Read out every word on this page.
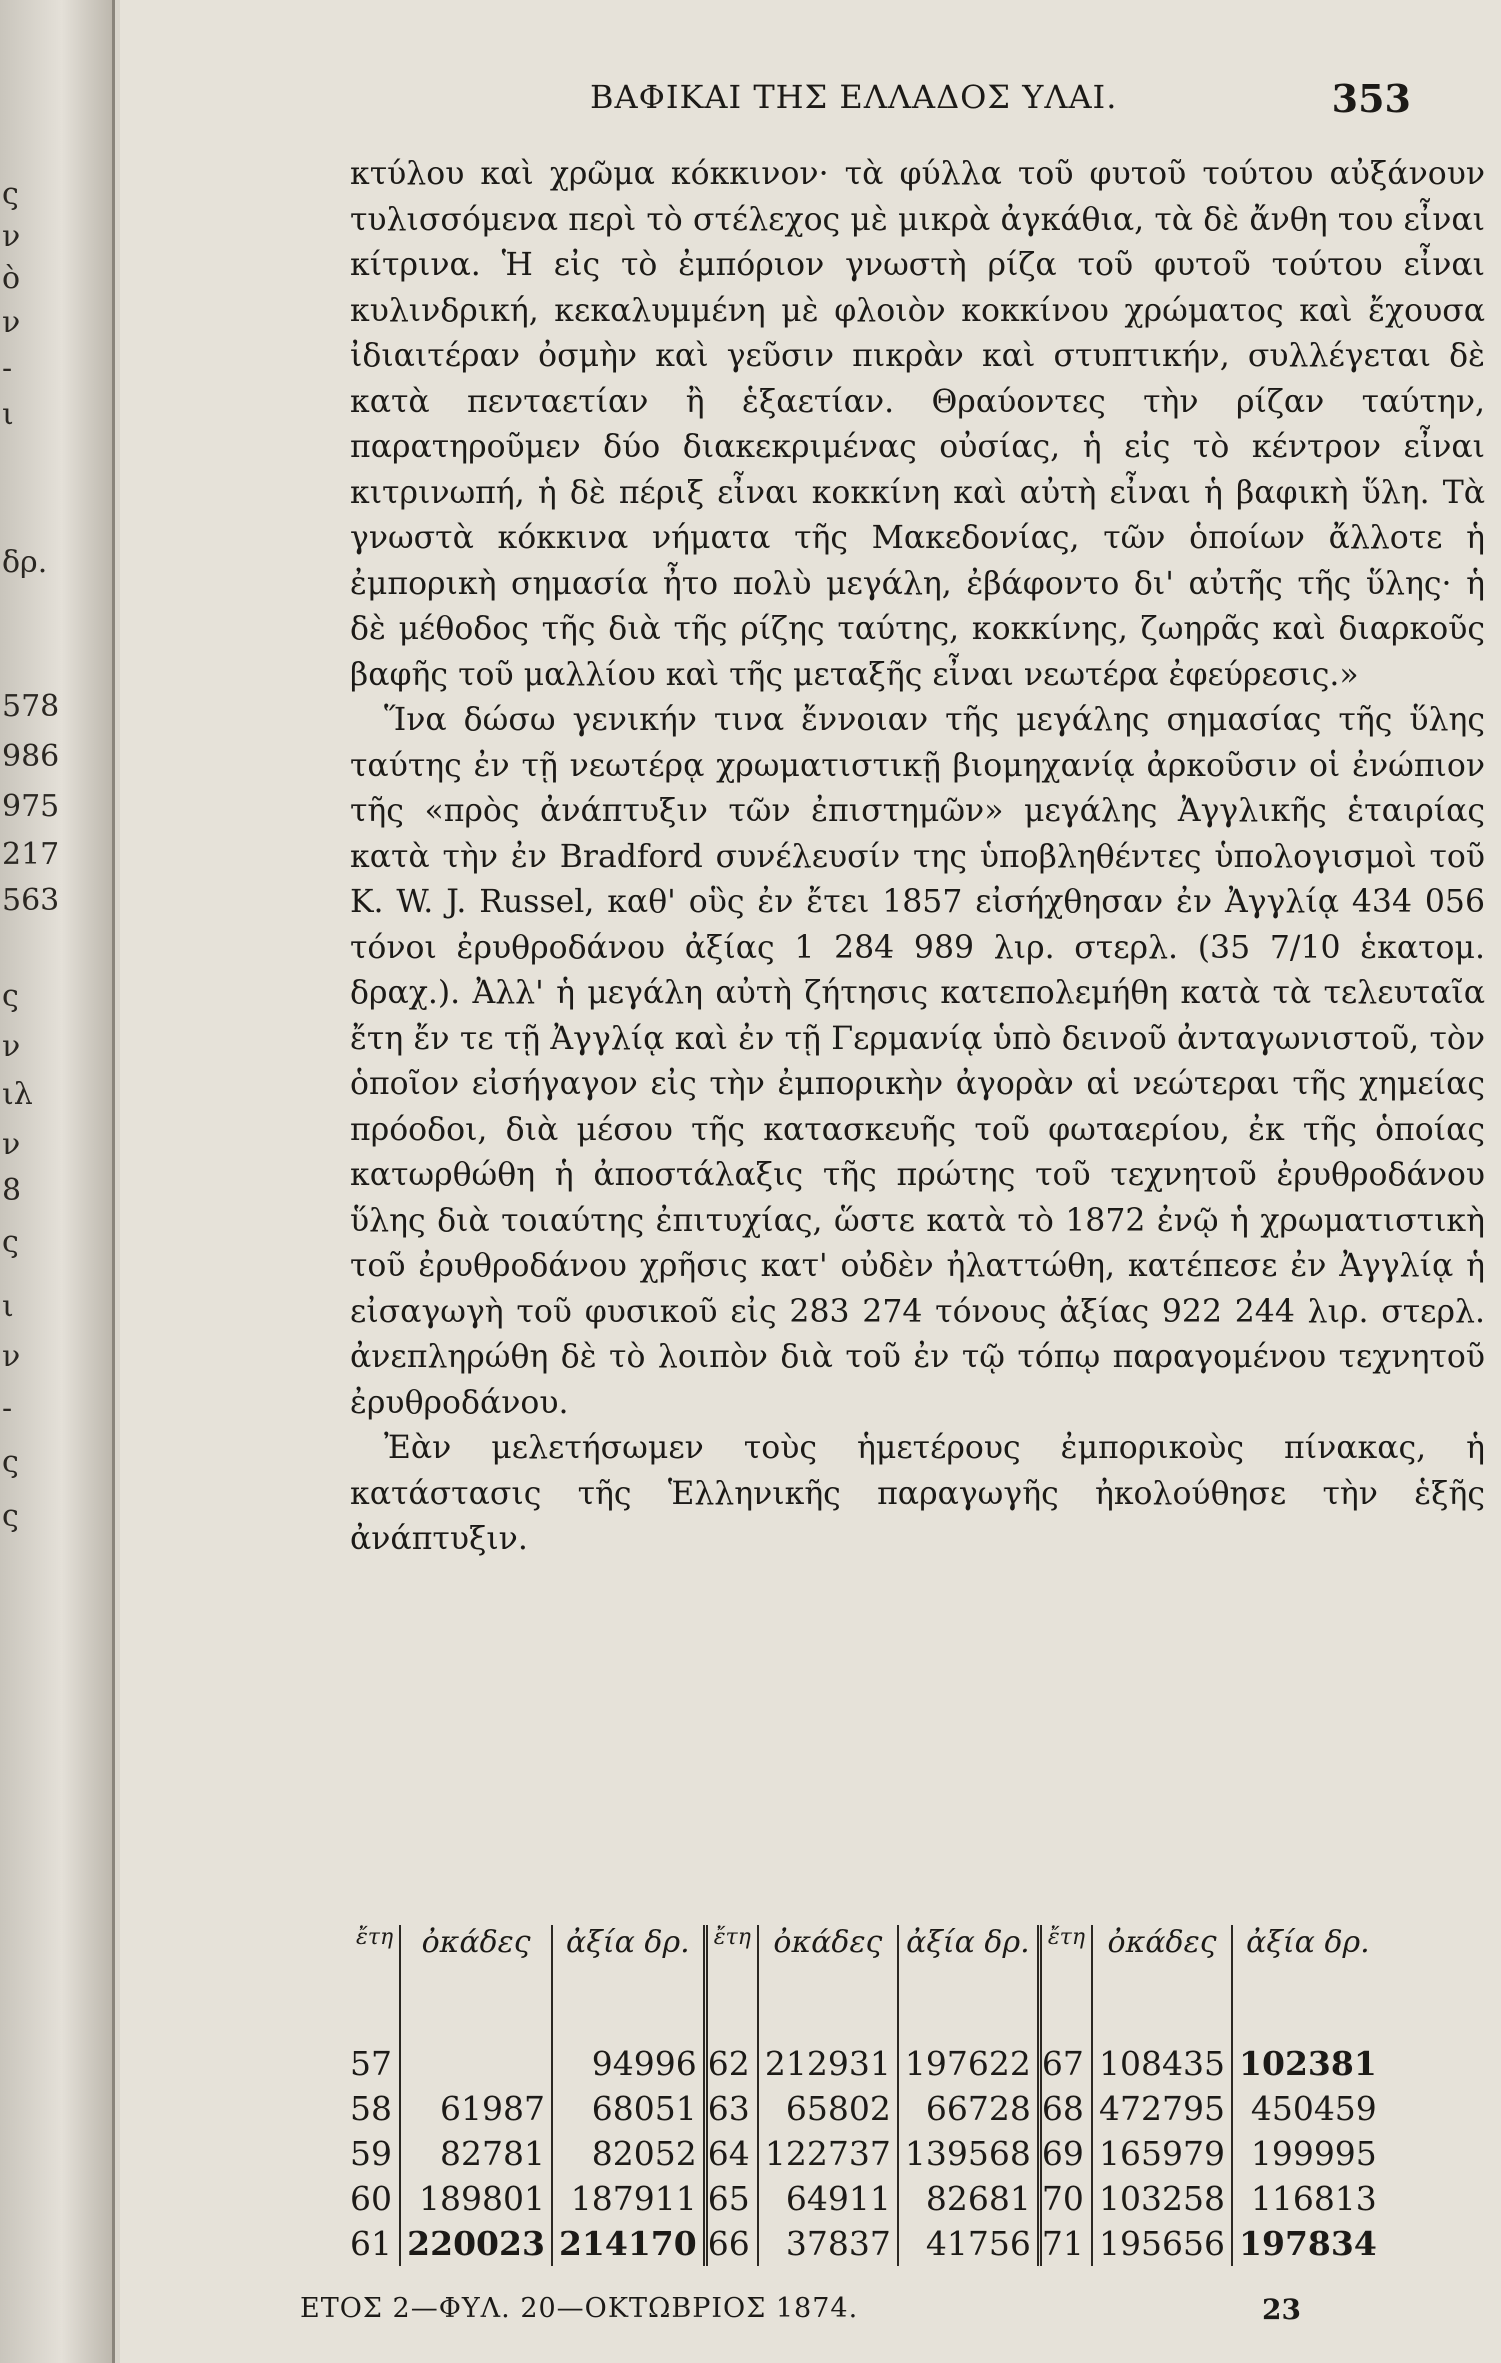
ς
ν
ὸ
ν
-
ι
δρ.
578
986
975
217
563
ς
ν
ιλ
ν
8
ς
ι
ν
-
ς
ς
ΒΑΦΙΚΑΙ ΤΗΣ ΕΛΛΑΔΟΣ ΥΛΑΙ.	353

κτύλου καὶ χρῶμα κόκκινον· τὰ φύλλα τοῦ φυτοῦ τούτου αὐξάνουν τυλισσόμενα περὶ τὸ στέλεχος μὲ μικρὰ ἀγκάθια, τὰ δὲ ἄνθη του εἶναι κίτρινα. Ἡ εἰς τὸ ἐμπόριον γνωστὴ ρίζα τοῦ φυτοῦ τούτου εἶναι κυλινδρική, κεκαλυμμένη μὲ φλοιὸν κοκκίνου χρώματος καὶ ἔχουσα ἰδιαιτέραν ὀσμὴν καὶ γεῦσιν πικρὰν καὶ στυπτικήν, συλλέγεται δὲ κατὰ πενταετίαν ἢ ἑξαετίαν. Θραύοντες τὴν ρίζαν ταύτην, παρατηροῦμεν δύο διακεκριμένας οὐσίας, ἡ εἰς τὸ κέντρον εἶναι κιτρινωπή, ἡ δὲ πέριξ εἶναι κοκκίνη καὶ αὐτὴ εἶναι ἡ βαφικὴ ὕλη. Τὰ γνωστὰ κόκκινα νήματα τῆς Μακεδονίας, τῶν ὁποίων ἄλλοτε ἡ ἐμπορικὴ σημασία ἦτο πολὺ μεγάλη, ἐβάφοντο δι' αὐτῆς τῆς ὕλης· ἡ δὲ μέθοδος τῆς διὰ τῆς ρίζης ταύτης, κοκκίνης, ζωηρᾶς καὶ διαρκοῦς βαφῆς τοῦ μαλλίου καὶ τῆς μεταξῆς εἶναι νεωτέρα ἐφεύρεσις.»

Ἵνα δώσω γενικήν τινα ἔννοιαν τῆς μεγάλης σημασίας τῆς ὕλης ταύτης ἐν τῇ νεωτέρᾳ χρωματιστικῇ βιομηχανίᾳ ἀρκοῦσιν οἱ ἐνώπιον τῆς «πρὸς ἀνάπτυξιν τῶν ἐπιστημῶν» μεγάλης Ἀγγλικῆς ἑταιρίας κατὰ τὴν ἐν Bradford συνέλευσίν της ὑποβληθέντες ὑπολογισμοὶ τοῦ K. W. J. Russel, καθ' οὓς ἐν ἔτει 1857 εἰσήχθησαν ἐν Ἀγγλίᾳ 434 056 τόνοι ἐρυθροδάνου ἀξίας 1 284 989 λιρ. στερλ. (35 7/10 ἑκατομ. δραχ.). Ἀλλ' ἡ μεγάλη αὐτὴ ζήτησις κατεπολεμήθη κατὰ τὰ τελευταῖα ἔτη ἔν τε τῇ Ἀγγλίᾳ καὶ ἐν τῇ Γερμανίᾳ ὑπὸ δεινοῦ ἀνταγωνιστοῦ, τὸν ὁποῖον εἰσήγαγον εἰς τὴν ἐμπορικὴν ἀγορὰν αἱ νεώτεραι τῆς χημείας πρόοδοι, διὰ μέσου τῆς κατασκευῆς τοῦ φωταερίου, ἐκ τῆς ὁποίας κατωρθώθη ἡ ἀποστάλαξις τῆς πρώτης τοῦ τεχνητοῦ ἐρυθροδάνου ὕλης διὰ τοιαύτης ἐπιτυχίας, ὥστε κατὰ τὸ 1872 ἐνῷ ἡ χρωματιστικὴ τοῦ ἐρυθροδάνου χρῆσις κατ' οὐδὲν ἠλαττώθη, κατέπεσε ἐν Ἀγγλίᾳ ἡ εἰσαγωγὴ τοῦ φυσικοῦ εἰς 283 274 τόνους ἀξίας 922 244 λιρ. στερλ. ἀνεπληρώθη δὲ τὸ λοιπὸν διὰ τοῦ ἐν τῷ τόπῳ παραγομένου τεχνητοῦ ἐρυθροδάνου.

Ἐὰν μελετήσωμεν τοὺς ἡμετέρους ἐμπορικοὺς πίνακας, ἡ κατάστασις τῆς Ἑλληνικῆς παραγωγῆς ἠκολούθησε τὴν ἑξῆς ἀνάπτυξιν.

ἔτη	ὀκάδες	ἀξία δρ.	ἔτη	ὀκάδες	ἀξία δρ.	ἔτη	ὀκάδες	ἀξία δρ.
57		94996	62	212931	197622	67	108435	102381
58	61987	68051	63	65802	66728	68	472795	450459
59	82781	82052	64	122737	139568	69	165979	199995
60	189801	187911	65	64911	82681	70	103258	116813
61	220023	214170	66	37837	41756	71	195656	197834
ΕΤΟΣ 2—ΦΥΛ. 20—ΟΚΤΩΒΡΙΟΣ 1874.	23
